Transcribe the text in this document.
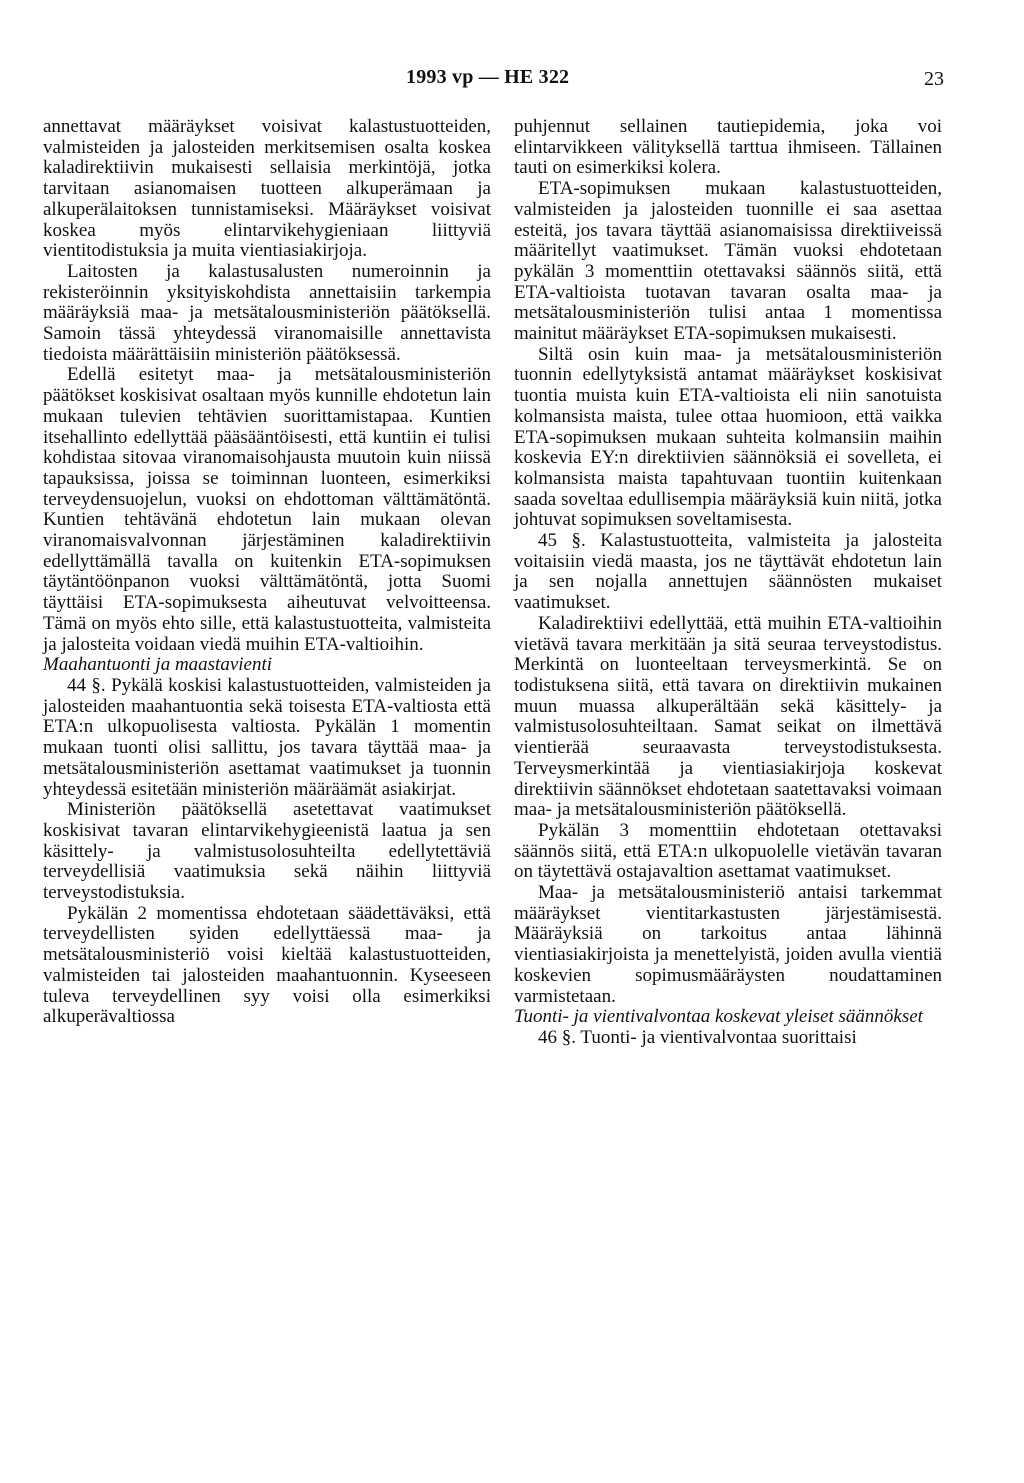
1993 vp — HE 322	23

annettavat määräykset voisivat kalastustuotteiden, valmisteiden ja jalosteiden merkitsemisen osalta koskea kaladirektiivin mukaisesti sellaisia merkintöjä, jotka tarvitaan asianomaisen tuotteen alkuperämaan ja alkuperälaitoksen tunnistamiseksi. Määräykset voisivat koskea myös elintarvikehygieniaan liittyviä vientitodistuksia ja muita vientiasiakirjoja.

Laitosten ja kalastusalusten numeroinnin ja rekisteröinnin yksityiskohdista annettaisiin tarkempia määräyksiä maa- ja metsätalousministeriön päätöksellä. Samoin tässä yhteydessä viranomaisille annettavista tiedoista määrättäisiin ministeriön päätöksessä.

Edellä esitetyt maa- ja metsätalousministeriön päätökset koskisivat osaltaan myös kunnille ehdotetun lain mukaan tulevien tehtävien suorittamistapaa. Kuntien itsehallinto edellyttää pääsääntöisesti, että kuntiin ei tulisi kohdistaa sitovaa viranomaisohjausta muutoin kuin niissä tapauksissa, joissa se toiminnan luonteen, esimerkiksi terveydensuojelun, vuoksi on ehdottoman välttämätöntä. Kuntien tehtävänä ehdotetun lain mukaan olevan viranomaisvalvonnan järjestäminen kaladirektiivin edellyttämällä tavalla on kuitenkin ETA-sopimuksen täytäntöönpanon vuoksi välttämätöntä, jotta Suomi täyttäisi ETA-sopimuksesta aiheutuvat velvoitteensa. Tämä on myös ehto sille, että kalastustuotteita, valmisteita ja jalosteita voidaan viedä muihin ETA-valtioihin.

Maahantuonti ja maastavienti

44 §. Pykälä koskisi kalastustuotteiden, valmisteiden ja jalosteiden maahantuontia sekä toisesta ETA-valtiosta että ETA:n ulkopuolisesta valtiosta. Pykälän 1 momentin mukaan tuonti olisi sallittu, jos tavara täyttää maa- ja metsätalousministeriön asettamat vaatimukset ja tuonnin yhteydessä esitetään ministeriön määräämät asiakirjat.

Ministeriön päätöksellä asetettavat vaatimukset koskisivat tavaran elintarvikehygieenistä laatua ja sen käsittely- ja valmistusolosuhteilta edellytettäviä terveydellisiä vaatimuksia sekä näihin liittyviä terveystodistuksia.

Pykälän 2 momentissa ehdotetaan säädettäväksi, että terveydellisten syiden edellyttäessä maa- ja metsätalousministeriö voisi kieltää kalastustuotteiden, valmisteiden tai jalosteiden maahantuonnin. Kyseeseen tuleva terveydellinen syy voisi olla esimerkiksi alkuperävaltiossa

puhjennut sellainen tautiepidemia, joka voi elintarvikkeen välityksellä tarttua ihmiseen. Tällainen tauti on esimerkiksi kolera.

ETA-sopimuksen mukaan kalastustuotteiden, valmisteiden ja jalosteiden tuonnille ei saa asettaa esteitä, jos tavara täyttää asianomaisissa direktiiveissä määritellyt vaatimukset. Tämän vuoksi ehdotetaan pykälän 3 momenttiin otettavaksi säännös siitä, että ETA-valtioista tuotavan tavaran osalta maa- ja metsätalousministeriön tulisi antaa 1 momentissa mainitut määräykset ETA-sopimuksen mukaisesti.

Siltä osin kuin maa- ja metsätalousministeriön tuonnin edellytyksistä antamat määräykset koskisivat tuontia muista kuin ETA-valtioista eli niin sanotuista kolmansista maista, tulee ottaa huomioon, että vaikka ETA-sopimuksen mukaan suhteita kolmansiin maihin koskevia EY:n direktiivien säännöksiä ei sovelleta, ei kolmansista maista tapahtuvaan tuontiin kuitenkaan saada soveltaa edullisempia määräyksiä kuin niitä, jotka johtuvat sopimuksen soveltamisesta.

45 §. Kalastustuotteita, valmisteita ja jalosteita voitaisiin viedä maasta, jos ne täyttävät ehdotetun lain ja sen nojalla annettujen säännösten mukaiset vaatimukset.

Kaladirektiivi edellyttää, että muihin ETA-valtioihin vietävä tavara merkitään ja sitä seuraa terveystodistus. Merkintä on luonteeltaan terveysmerkintä. Se on todistuksena siitä, että tavara on direktiivin mukainen muun muassa alkuperältään sekä käsittely- ja valmistusolosuhteiltaan. Samat seikat on ilmettävä vientierää seuraavasta terveystodistuksesta. Terveysmerkintää ja vientiasiakirjoja koskevat direktiivin säännökset ehdotetaan saatettavaksi voimaan maa- ja metsätalousministeriön päätöksellä.

Pykälän 3 momenttiin ehdotetaan otettavaksi säännös siitä, että ETA:n ulkopuolelle vietävän tavaran on täytettävä ostajavaltion asettamat vaatimukset.

Maa- ja metsätalousministeriö antaisi tarkemmat määräykset vientitarkastusten järjestämisestä. Määräyksiä on tarkoitus antaa lähinnä vientiasiakirjoista ja menettelyistä, joiden avulla vientiä koskevien sopimusmääräysten noudattaminen varmistetaan.

Tuonti- ja vientivalvontaa koskevat yleiset säännökset

46 §. Tuonti- ja vientivalvontaa suorittaisi
